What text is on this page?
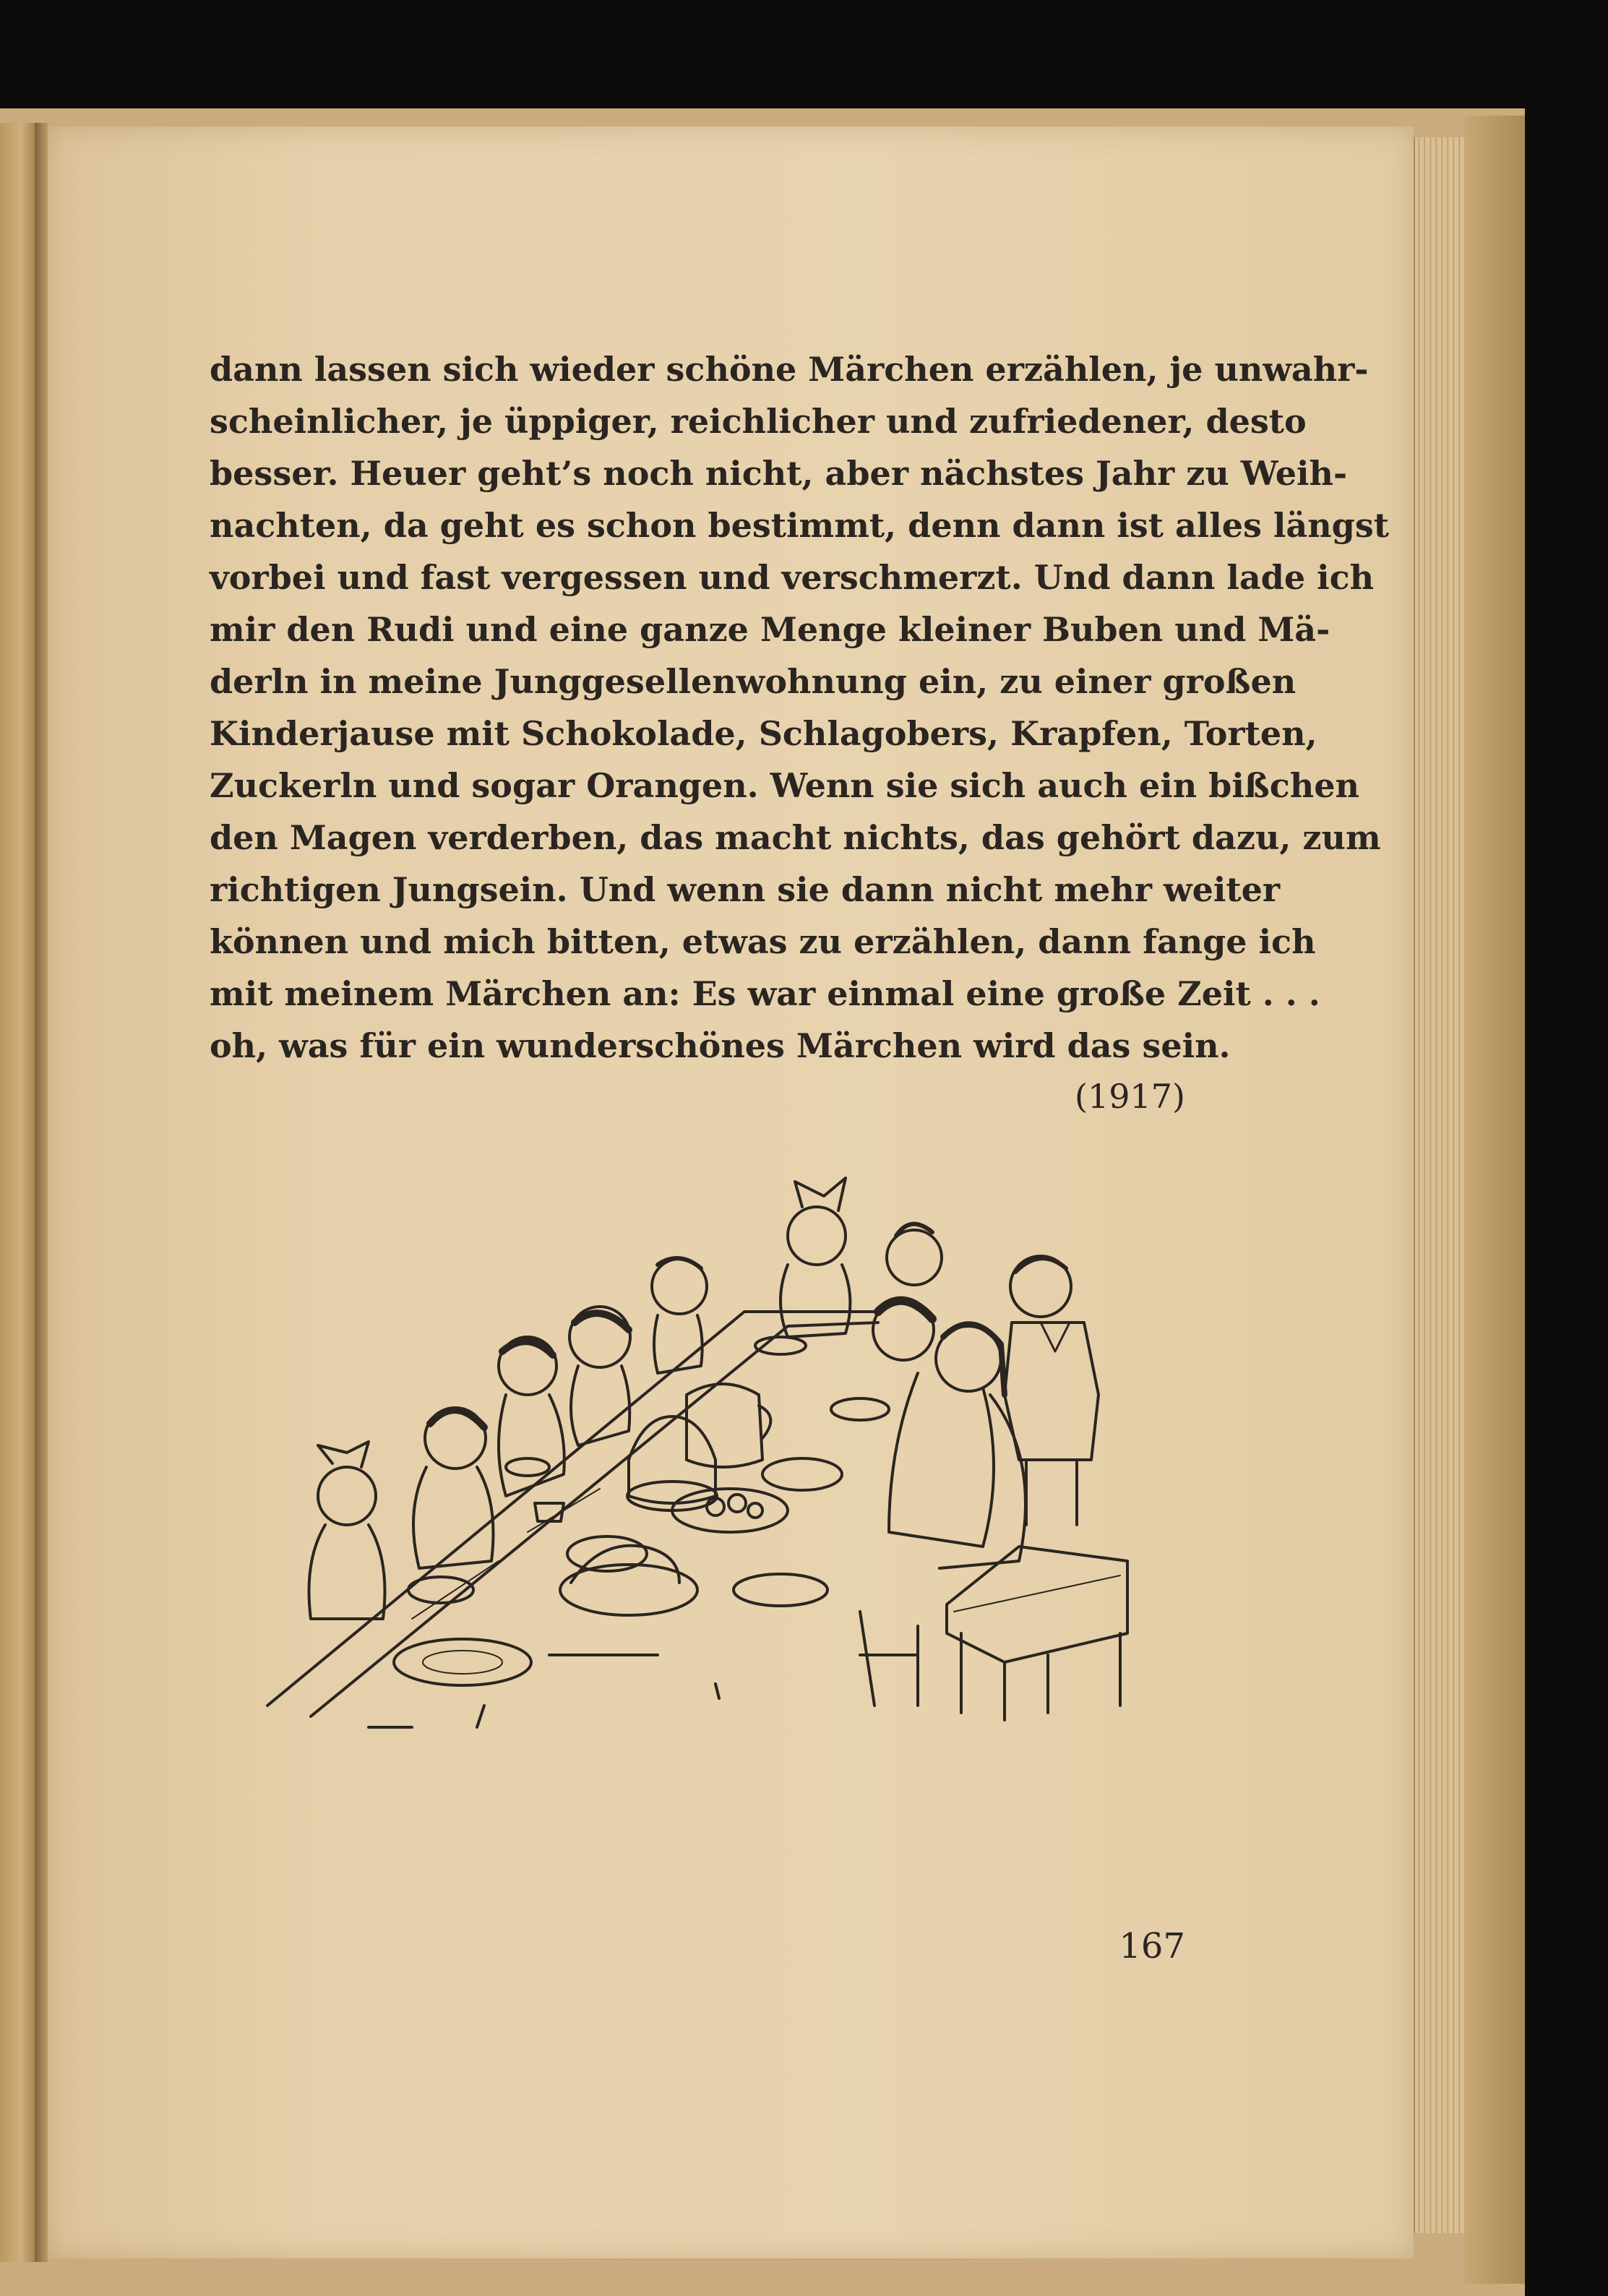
dann lassen sich wieder schöne Märchen erzählen, je unwahr-
scheinlicher, je üppiger, reichlicher und zufriedener, desto
besser. Heuer geht’s noch nicht, aber nächstes Jahr zu Weih-
nachten, da geht es schon bestimmt, denn dann ist alles längst
vorbei und fast vergessen und verschmerzt. Und dann lade ich
mir den Rudi und eine ganze Menge kleiner Buben und Mä-
derln in meine Junggesellenwohnung ein, zu einer großen
Kinderjause mit Schokolade, Schlagobers, Krapfen, Torten,
Zuckerln und sogar Orangen. Wenn sie sich auch ein bißchen
den Magen verderben, das macht nichts, das gehört dazu, zum
richtigen Jungsein. Und wenn sie dann nicht mehr weiter
können und mich bitten, etwas zu erzählen, dann fange ich
mit meinem Märchen an: Es war einmal eine große Zeit . . .
oh, was für ein wunderschönes Märchen wird das sein.
(1917)
167
